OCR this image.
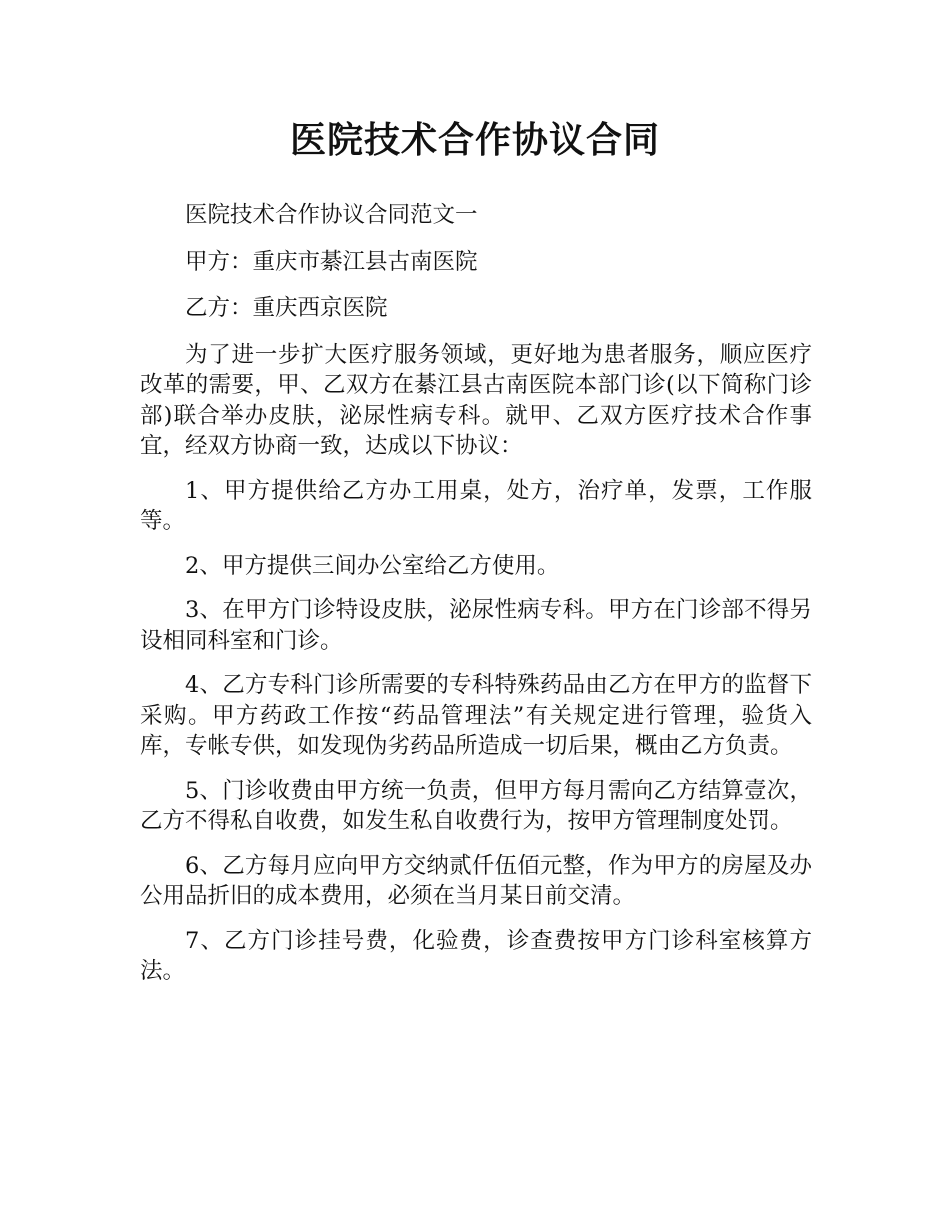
医院技术合作协议合同

医院技术合作协议合同范文一

甲方：重庆市綦江县古南医院

乙方：重庆西京医院

为了进一步扩大医疗服务领域，更好地为患者服务，顺应医疗改革的需要，甲、乙双方在綦江县古南医院本部门诊(以下简称门诊部)联合举办皮肤，泌尿性病专科。就甲、乙双方医疗技术合作事宜，经双方协商一致，达成以下协议：

1、甲方提供给乙方办工用桌，处方，治疗单，发票，工作服等。

2、甲方提供三间办公室给乙方使用。

3、在甲方门诊特设皮肤，泌尿性病专科。甲方在门诊部不得另设相同科室和门诊。

4、乙方专科门诊所需要的专科特殊药品由乙方在甲方的监督下采购。甲方药政工作按“药品管理法”有关规定进行管理，验货入库，专帐专供，如发现伪劣药品所造成一切后果，概由乙方负责。

5、门诊收费由甲方统一负责，但甲方每月需向乙方结算壹次，乙方不得私自收费，如发生私自收费行为，按甲方管理制度处罚。

6、乙方每月应向甲方交纳贰仟伍佰元整，作为甲方的房屋及办公用品折旧的成本费用，必须在当月某日前交清。

7、乙方门诊挂号费，化验费，诊查费按甲方门诊科室核算方法。
